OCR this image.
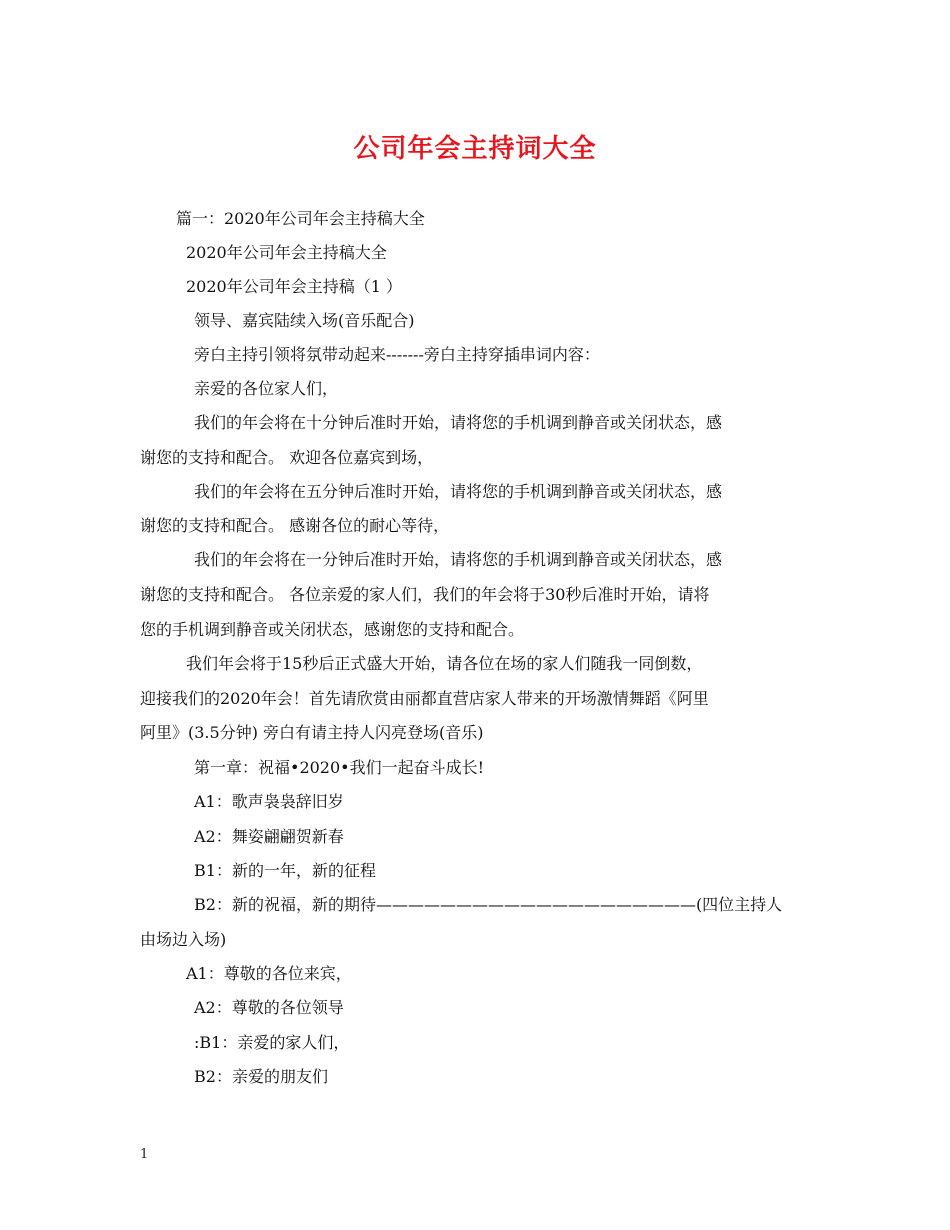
公司年会主持词大全

篇一：2020年公司年会主持稿大全

2020年公司年会主持稿大全

2020年公司年会主持稿（1 ）

领导、嘉宾陆续入场(音乐配合)

旁白主持引领将氛带动起来-------旁白主持穿插串词内容：

亲爱的各位家人们，

我们的年会将在十分钟后准时开始，请将您的手机调到静音或关闭状态，感

谢您的支持和配合。 欢迎各位嘉宾到场，

我们的年会将在五分钟后准时开始，请将您的手机调到静音或关闭状态，感

谢您的支持和配合。 感谢各位的耐心等待，

我们的年会将在一分钟后准时开始，请将您的手机调到静音或关闭状态，感

谢您的支持和配合。 各位亲爱的家人们，我们的年会将于30秒后准时开始，请将

您的手机调到静音或关闭状态，感谢您的支持和配合。

我们年会将于15秒后正式盛大开始，请各位在场的家人们随我一同倒数，

迎接我们的2020年会！首先请欣赏由丽都直营店家人带来的开场激情舞蹈《阿里

阿里》(3.5分钟) 旁白有请主持人闪亮登场(音乐)

第一章：祝福•2020•我们一起奋斗成长!

A1：歌声袅袅辞旧岁

A2：舞姿翩翩贺新春

B1：新的一年，新的征程

B2：新的祝福，新的期待————————————————————(四位主持人

由场边入场)

A1：尊敬的各位来宾，

A2：尊敬的各位领导

:B1：亲爱的家人们，

B2：亲爱的朋友们

1
